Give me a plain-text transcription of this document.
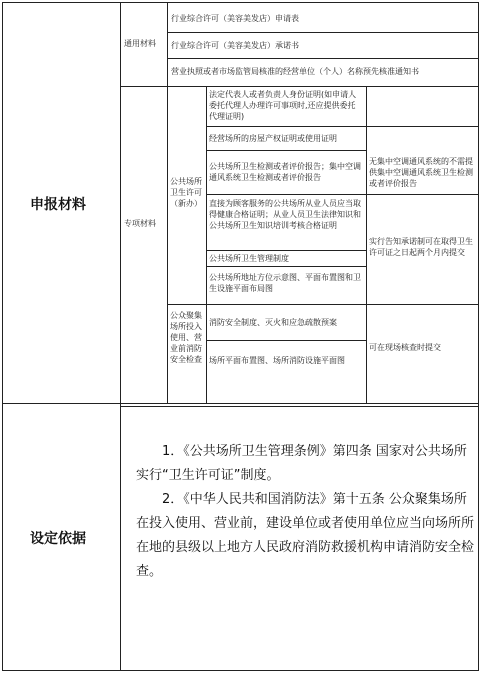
申报材料
设定依据
通用材料
行业综合许可（美容美发店）申请表
行业综合许可（美容美发店）承诺书
营业执照或者市场监管局核准的经营单位（个人）名称预先核准通知书
专项材料
公共场所卫生许可（新办）
法定代表人或者负责人身份证明(如申请人委托代理人办理许可事项时,还应提供委托代理证明)
经营场所的房屋产权证明或使用证明
公共场所卫生检测或者评价报告；集中空调通风系统卫生检测或者评价报告
直接为顾客服务的公共场所从业人员应当取得健康合格证明；从业人员卫生法律知识和公共场所卫生知识培训考核合格证明
公共场所卫生管理制度
公共场所地址方位示意图、平面布置图和卫生设施平面布局图
无集中空调通风系统的不需提供集中空调通风系统卫生检测或者评价报告
实行告知承诺制可在取得卫生许可证之日起两个月内提交
公众聚集场所投入使用、营业前消防安全检查
消防安全制度、灭火和应急疏散预案
场所平面布置图、场所消防设施平面图
可在现场核查时提交
1．《公共场所卫生管理条例》第四条 国家对公共场所实行“卫生许可证”制度。
2．《中华人民共和国消防法》第十五条 公众聚集场所在投入使用、营业前，建设单位或者使用单位应当向场所所在地的县级以上地方人民政府消防救援机构申请消防安全检查。
